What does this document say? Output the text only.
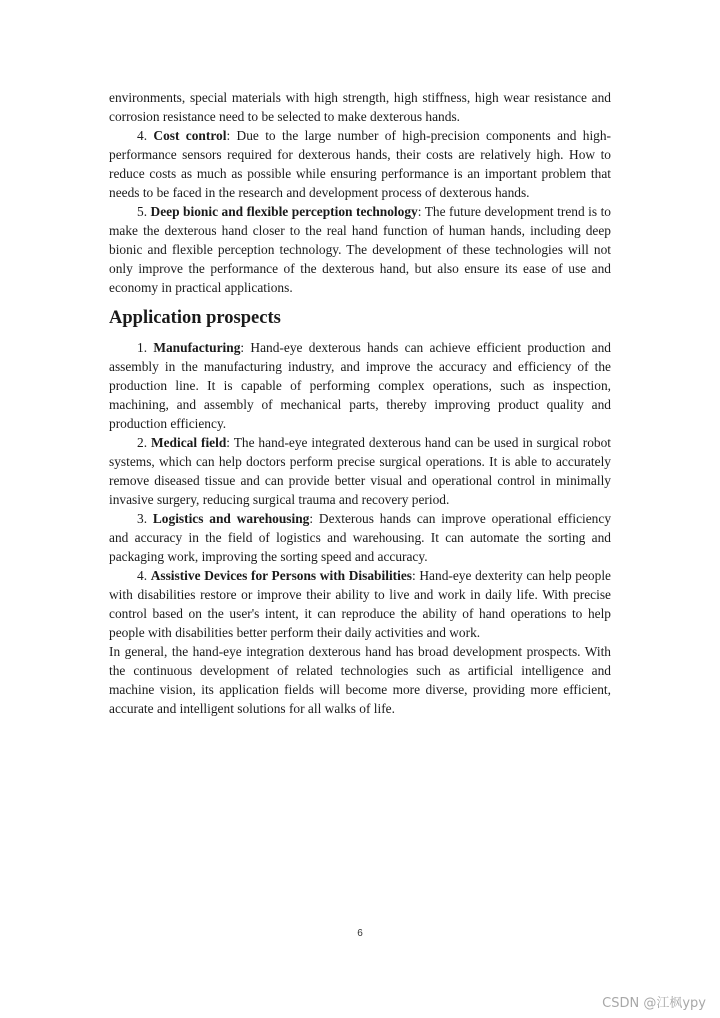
environments, special materials with high strength, high stiffness, high wear resistance and corrosion resistance need to be selected to make dexterous hands.

4. Cost control: Due to the large number of high-precision components and high-performance sensors required for dexterous hands, their costs are relatively high. How to reduce costs as much as possible while ensuring performance is an important problem that needs to be faced in the research and development process of dexterous hands.

5. Deep bionic and flexible perception technology: The future development trend is to make the dexterous hand closer to the real hand function of human hands, including deep bionic and flexible perception technology. The development of these technologies will not only improve the performance of the dexterous hand, but also ensure its ease of use and economy in practical applications.

Application prospects

1. Manufacturing: Hand-eye dexterous hands can achieve efficient production and assembly in the manufacturing industry, and improve the accuracy and efficiency of the production line. It is capable of performing complex operations, such as inspection, machining, and assembly of mechanical parts, thereby improving product quality and production efficiency.

2. Medical field: The hand-eye integrated dexterous hand can be used in surgical robot systems, which can help doctors perform precise surgical operations. It is able to accurately remove diseased tissue and can provide better visual and operational control in minimally invasive surgery, reducing surgical trauma and recovery period.

3. Logistics and warehousing: Dexterous hands can improve operational efficiency and accuracy in the field of logistics and warehousing. It can automate the sorting and packaging work, improving the sorting speed and accuracy.

4. Assistive Devices for Persons with Disabilities: Hand-eye dexterity can help people with disabilities restore or improve their ability to live and work in daily life. With precise control based on the user's intent, it can reproduce the ability of hand operations to help people with disabilities better perform their daily activities and work.

In general, the hand-eye integration dexterous hand has broad development prospects. With the continuous development of related technologies such as artificial intelligence and machine vision, its application fields will become more diverse, providing more efficient, accurate and intelligent solutions for all walks of life.

6
CSDN @江枫ypy
